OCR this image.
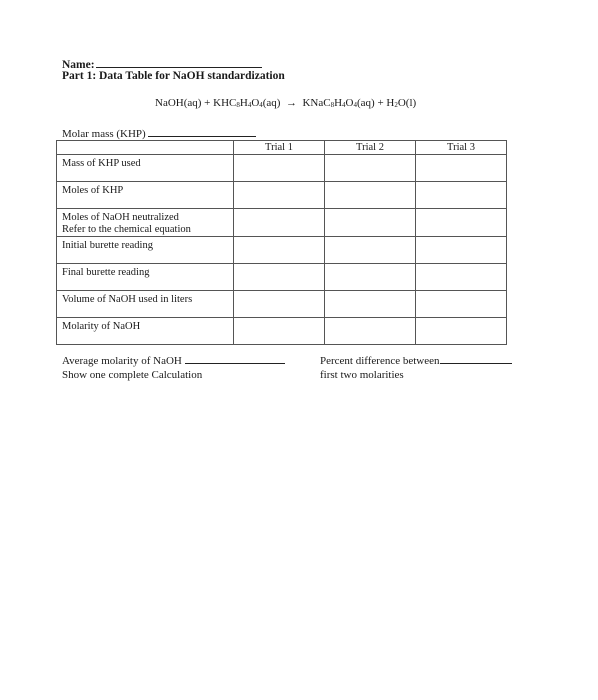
Name:
Part 1: Data Table for NaOH standardization
NaOH(aq) + $KHC_8H_4O_4(aq)$ → $KNaC_8H_4O_4(aq) + H_2O(l)$
Molar mass (KHP)
	Trial 1	Trial 2	Trial 3

Mass of KHP used			

Moles of KHP			

Moles of NaOH neutralized
Refer to the chemical equation			

Initial burette reading			

Final burette reading			

Volume of NaOH used in liters			

Molarity of NaOH			

Average molarity of NaOH
Show one complete Calculation
Percent difference between
first two molarities
